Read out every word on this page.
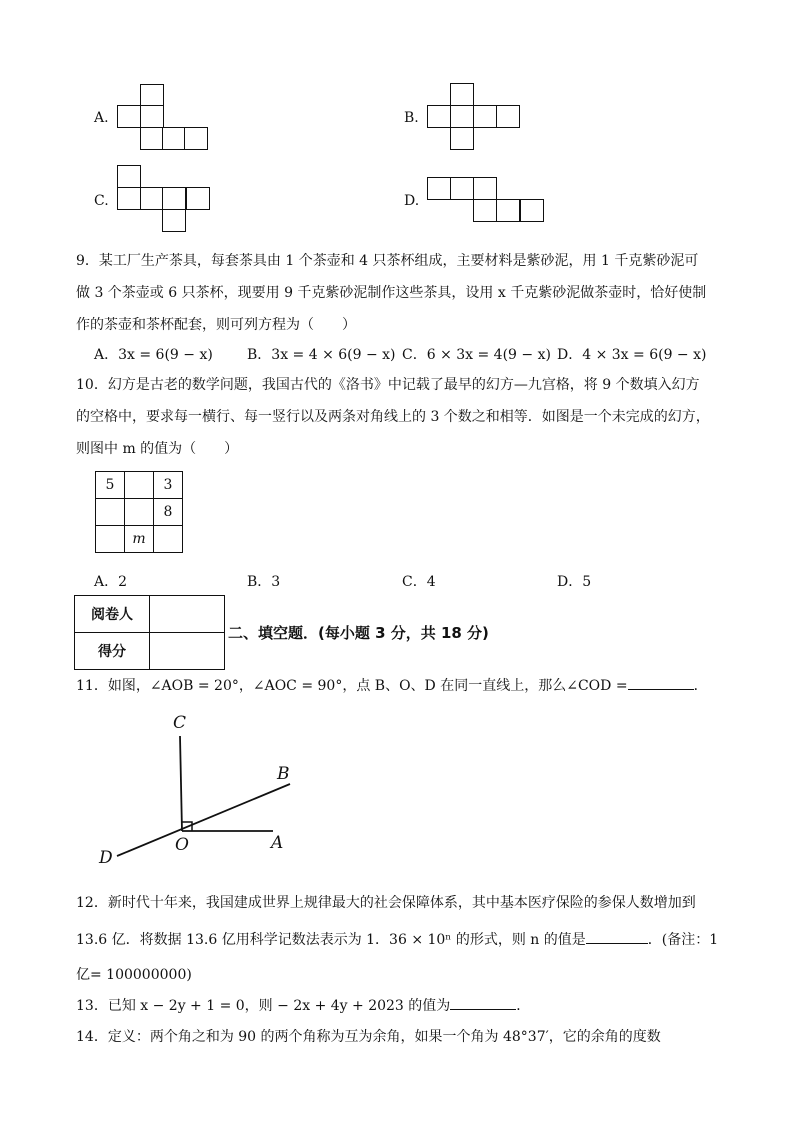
A.	B.
C.	D.
9．某工厂生产茶具，每套茶具由 1 个茶壶和 4 只茶杯组成，主要材料是紫砂泥，用 1 千克紫砂泥可
做 3 个茶壶或 6 只茶杯，现要用 9 千克紫砂泥制作这些茶具，设用 x 千克紫砂泥做茶壶时，恰好使制
作的茶壶和茶杯配套，则可列方程为（　　）
A．3x = 6(9 − x) B．3x = 4 × 6(9 − x) C．6 × 3x = 4(9 − x) D．4 × 3x = 6(9 − x)
10．幻方是古老的数学问题，我国古代的《洛书》中记载了最早的幻方—九宫格，将 9 个数填入幻方
的空格中，要求每一横行、每一竖行以及两条对角线上的 3 个数之和相等．如图是一个未完成的幻方，
则图中 m 的值为（　　）
5		3
		8
	m	
A．2	B．3	C．4	D．5
阅卷人	
得分	
二、填空题．(每小题 3 分，共 18 分)
11．如图，∠AOB = 20°，∠AOC = 90°，点 B、O、D 在同一直线上，那么∠COD =	．
C
B
O	A
D
12．新时代十年来，我国建成世界上规律最大的社会保障体系，其中基本医疗保险的参保人数增加到
13.6 亿．将数据 13.6 亿用科学记数法表示为 1．36 × 10ⁿ 的形式，则 n 的值是	．(备注：1
亿= 100000000)
13．已知 x − 2y + 1 = 0，则 − 2x + 4y + 2023 的值为	．
14．定义：两个角之和为 90 的两个角称为互为余角，如果一个角为 48°37′，它的余角的度数
